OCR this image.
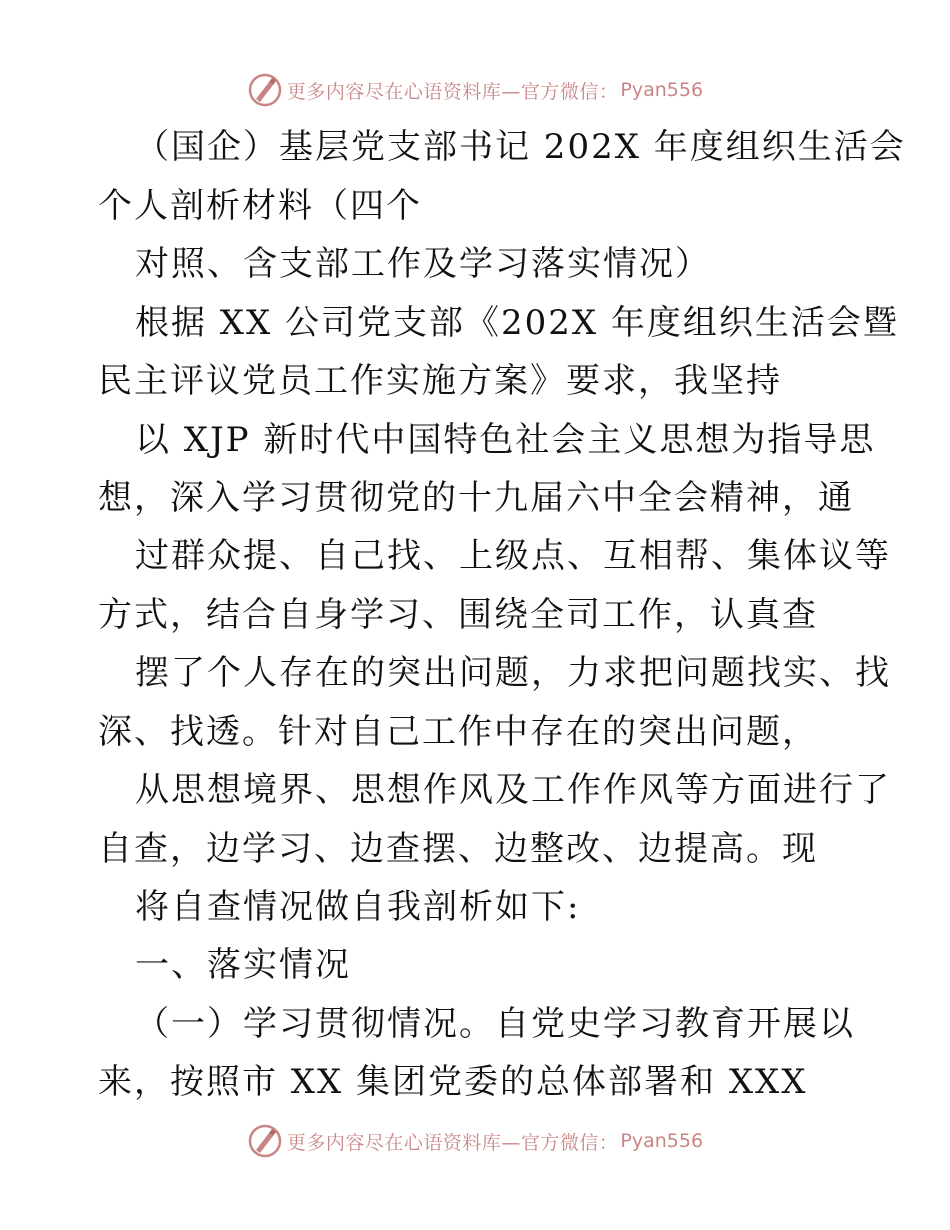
更多内容尽在心语资料库—官方微信： Pyan556
（国企）基层党支部书记 202X 年度组织生活会
个人剖析材料（四个
对照、含支部工作及学习落实情况）
根据 XX 公司党支部《202X 年度组织生活会暨
民主评议党员工作实施方案》要求，我坚持
以 XJP 新时代中国特色社会主义思想为指导思
想，深入学习贯彻党的十九届六中全会精神，通
过群众提、自己找、上级点、互相帮、集体议等
方式，结合自身学习、围绕全司工作，认真查
摆了个人存在的突出问题，力求把问题找实、找
深、找透。针对自己工作中存在的突出问题，
从思想境界、思想作风及工作作风等方面进行了
自查，边学习、边查摆、边整改、边提高。现
将自查情况做自我剖析如下:
一、落实情况
（一）学习贯彻情况。自党史学习教育开展以
来，按照市 XX 集团党委的总体部署和 XXX
更多内容尽在心语资料库—官方微信： Pyan556
